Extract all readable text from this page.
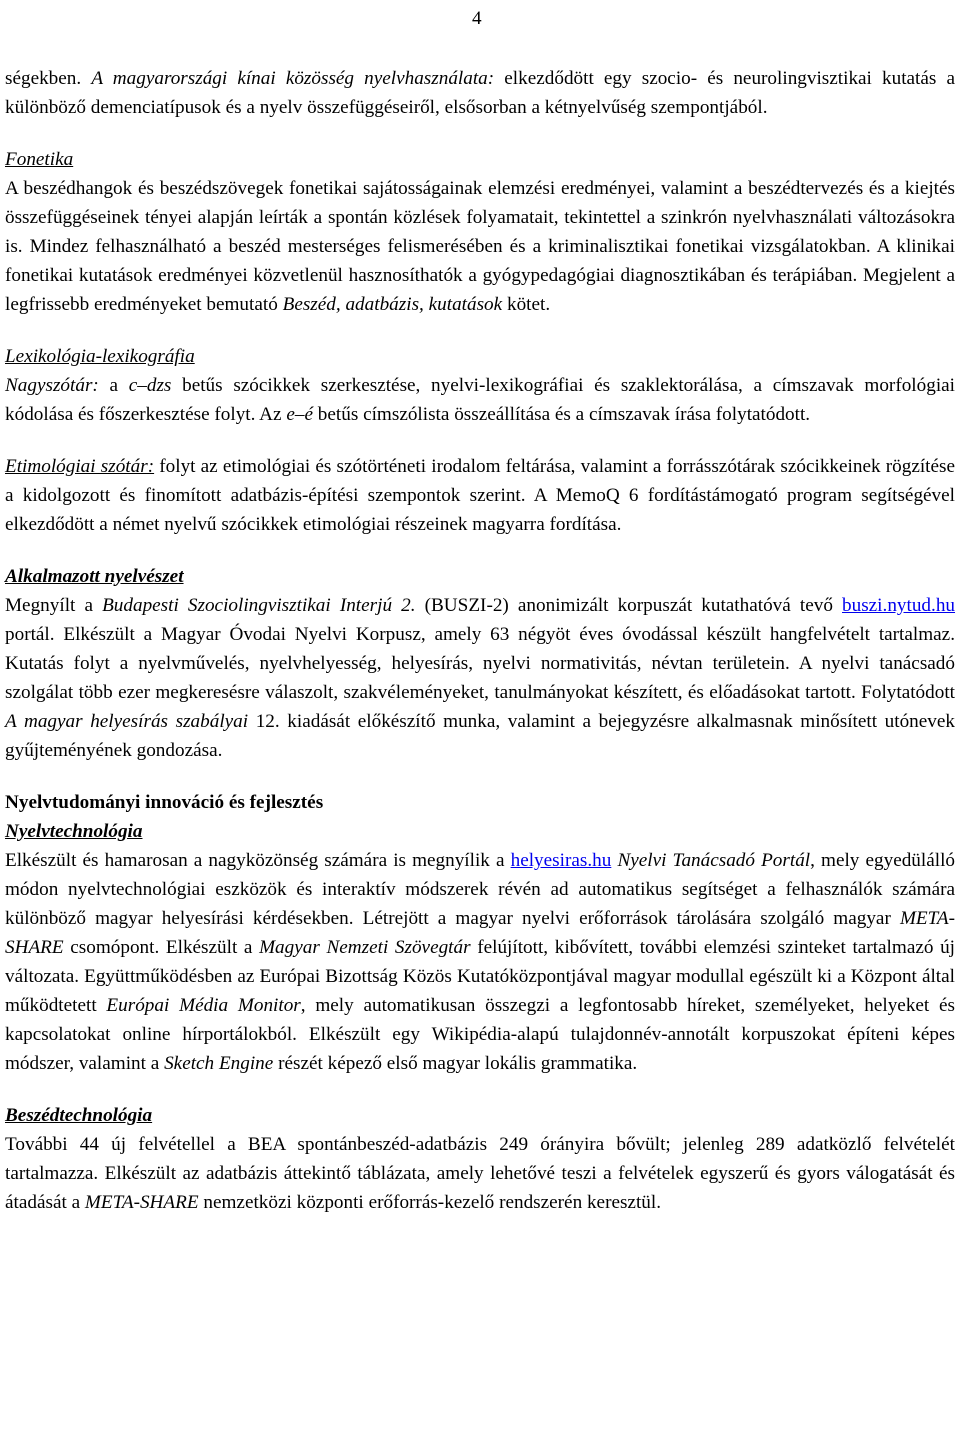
4

ségekben. A magyarországi kínai közösség nyelvhasználata: elkezdődött egy szocio- és neurolingvisztikai kutatás a különböző demenciatípusok és a nyelv összefüggéseiről, elsősorban a kétnyelvűség szempontjából.

Fonetika
A beszédhangok és beszédszövegek fonetikai sajátosságainak elemzési eredményei, valamint a beszédtervezés és a kiejtés összefüggéseinek tényei alapján leírták a spontán közlések folyamatait, tekintettel a szinkrón nyelvhasználati változásokra is. Mindez felhasználható a beszéd mesterséges felismerésében és a kriminalisztikai fonetikai vizsgálatokban. A klinikai fonetikai kutatások eredményei közvetlenül hasznosíthatók a gyógypedagógiai diagnosztikában és terápiában. Megjelent a legfrissebb eredményeket bemutató Beszéd, adatbázis, kutatások kötet.

Lexikológia-lexikográfia
Nagyszótár: a c–dzs betűs szócikkek szerkesztése, nyelvi-lexikográfiai és szaklektorálása, a címszavak morfológiai kódolása és főszerkesztése folyt. Az e–é betűs címszólista összeállítása és a címszavak írása folytatódott.

Etimológiai szótár: folyt az etimológiai és szótörténeti irodalom feltárása, valamint a forrásszótárak szócikkeinek rögzítése a kidolgozott és finomított adatbázis-építési szempontok szerint. A MemoQ 6 fordítástámogató program segítségével elkezdődött a német nyelvű szócikkek etimológiai részeinek magyarra fordítása.

Alkalmazott nyelvészet
Megnyílt a Budapesti Szociolingvisztikai Interjú 2. (BUSZI-2) anonimizált korpuszát kutathatóvá tevő buszi.nytud.hu portál. Elkészült a Magyar Óvodai Nyelvi Korpusz, amely 63 négyöt éves óvodással készült hangfelvételt tartalmaz. Kutatás folyt a nyelvművelés, nyelvhelyesség, helyesírás, nyelvi normativitás, névtan területein. A nyelvi tanácsadó szolgálat több ezer megkeresésre válaszolt, szakvéleményeket, tanulmányokat készített, és előadásokat tartott. Folytatódott A magyar helyesírás szabályai 12. kiadását előkészítő munka, valamint a bejegyzésre alkalmasnak minősített utónevek gyűjteményének gondozása.

Nyelvtudományi innováció és fejlesztés
Nyelvtechnológia
Elkészült és hamarosan a nagyközönség számára is megnyílik a helyesiras.hu Nyelvi Tanácsadó Portál, mely egyedülálló módon nyelvtechnológiai eszközök és interaktív módszerek révén ad automatikus segítséget a felhasználók számára különböző magyar helyesírási kérdésekben. Létrejött a magyar nyelvi erőforrások tárolására szolgáló magyar META-SHARE csomópont. Elkészült a Magyar Nemzeti Szövegtár felújított, kibővített, további elemzési szinteket tartalmazó új változata. Együttműködésben az Európai Bizottság Közös Kutatóközpontjával magyar modullal egészült ki a Központ által működtetett Európai Média Monitor, mely automatikusan összegzi a legfontosabb híreket, személyeket, helyeket és kapcsolatokat online hírportálokból. Elkészült egy Wikipédia-alapú tulajdonnév-annotált korpuszokat építeni képes módszer, valamint a Sketch Engine részét képező első magyar lokális grammatika.

Beszédtechnológia
További 44 új felvétellel a BEA spontánbeszéd-adatbázis 249 órányira bővült; jelenleg 289 adatközlő felvételét tartalmazza. Elkészült az adatbázis áttekintő táblázata, amely lehetővé teszi a felvételek egyszerű és gyors válogatását és átadását a META-SHARE nemzetközi központi erőforrás-kezelő rendszerén keresztül.
